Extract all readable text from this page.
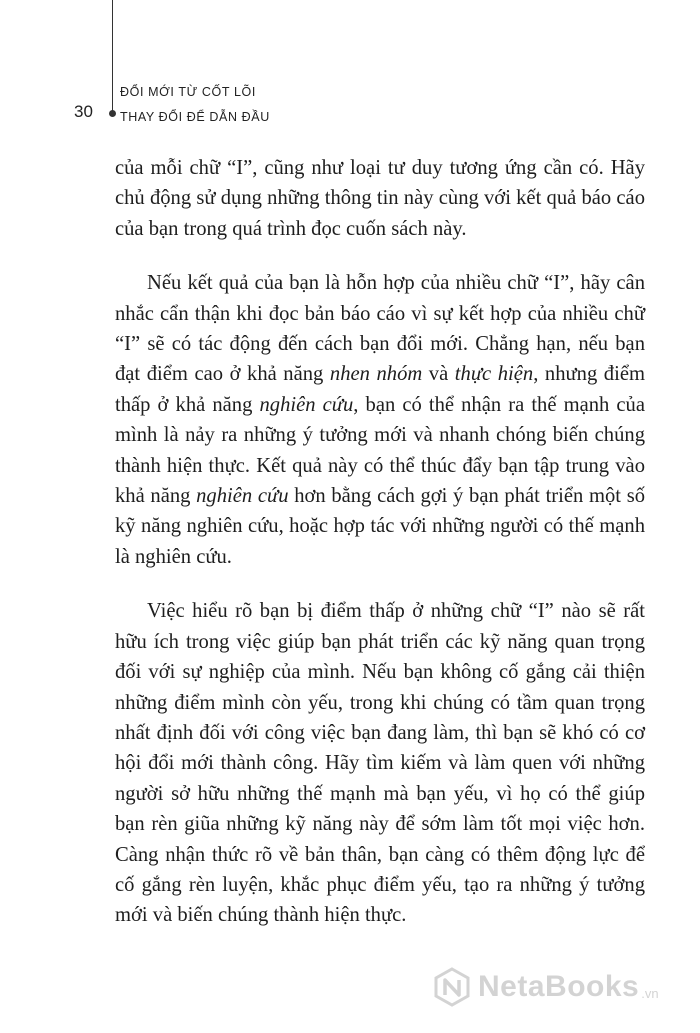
30
ĐỔI MỚI TỪ CỐT LÕI
THAY ĐỔI ĐỂ DẪN ĐẦU

của mỗi chữ “I”, cũng như loại tư duy tương ứng cần có. Hãy chủ động sử dụng những thông tin này cùng với kết quả báo cáo của bạn trong quá trình đọc cuốn sách này.

Nếu kết quả của bạn là hỗn hợp của nhiều chữ “I”, hãy cân nhắc cẩn thận khi đọc bản báo cáo vì sự kết hợp của nhiều chữ “I” sẽ có tác động đến cách bạn đổi mới. Chẳng hạn, nếu bạn đạt điểm cao ở khả năng nhen nhóm và thực hiện, nhưng điểm thấp ở khả năng nghiên cứu, bạn có thể nhận ra thế mạnh của mình là nảy ra những ý tưởng mới và nhanh chóng biến chúng thành hiện thực. Kết quả này có thể thúc đẩy bạn tập trung vào khả năng nghiên cứu hơn bằng cách gợi ý bạn phát triển một số kỹ năng nghiên cứu, hoặc hợp tác với những người có thế mạnh là nghiên cứu.

Việc hiểu rõ bạn bị điểm thấp ở những chữ “I” nào sẽ rất hữu ích trong việc giúp bạn phát triển các kỹ năng quan trọng đối với sự nghiệp của mình. Nếu bạn không cố gắng cải thiện những điểm mình còn yếu, trong khi chúng có tầm quan trọng nhất định đối với công việc bạn đang làm, thì bạn sẽ khó có cơ hội đổi mới thành công. Hãy tìm kiếm và làm quen với những người sở hữu những thế mạnh mà bạn yếu, vì họ có thể giúp bạn rèn giũa những kỹ năng này để sớm làm tốt mọi việc hơn. Càng nhận thức rõ về bản thân, bạn càng có thêm động lực để cố gắng rèn luyện, khắc phục điểm yếu, tạo ra những ý tưởng mới và biến chúng thành hiện thực.

NetaBooks .vn
